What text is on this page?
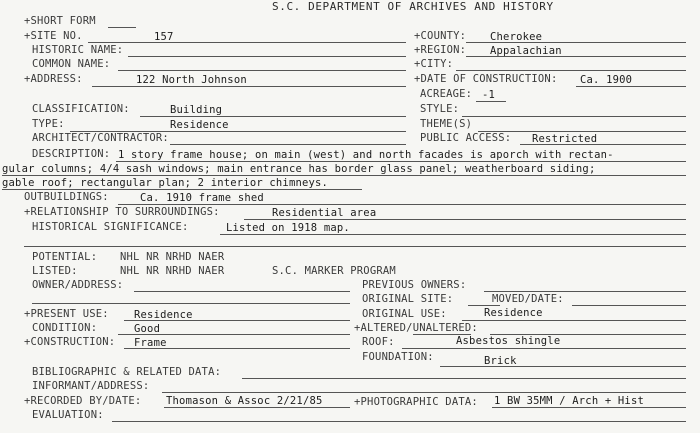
S.C. DEPARTMENT OF ARCHIVES AND HISTORY
+SHORT FORM
+SITE NO.	157	+COUNTY: Cherokee
HISTORIC NAME:	+REGION: Appalachian
COMMON NAME:	+CITY:
+ADDRESS:	122 North Johnson	+DATE OF CONSTRUCTION: Ca. 1900
ACREAGE: -1
CLASSIFICATION:	Building	STYLE:
TYPE:	Residence	THEME(S)
ARCHITECT/CONTRACTOR:	PUBLIC ACCESS: Restricted
DESCRIPTION: 1 story frame house; on main (west) and north facades is aporch with rectan-
gular columns; 4/4 sash windows; main entrance has border glass panel; weatherboard siding;
gable roof; rectangular plan; 2 interior chimneys.
OUTBUILDINGS:	Ca. 1910 frame shed
+RELATIONSHIP TO SURROUNDINGS:	Residential area
HISTORICAL SIGNIFICANCE:	Listed on 1918 map.
POTENTIAL: NHL NR NRHD NAER
LISTED:	NHL NR NRHD NAER	S.C. MARKER PROGRAM
OWNER/ADDRESS:	PREVIOUS OWNERS:
ORIGINAL SITE:	MOVED/DATE:
+PRESENT USE: Residence	ORIGINAL USE:	Residence
CONDITION:	Good	+ALTERED/UNALTERED:
+CONSTRUCTION: Frame	ROOF:	Asbestos shingle
FOUNDATION:	Brick
BIBLIOGRAPHIC & RELATED DATA:
INFORMANT/ADDRESS:
+RECORDED BY/DATE: Thomason & Assoc 2/21/85	+PHOTOGRAPHIC DATA: 1 BW 35MM / Arch + Hist
EVALUATION:
